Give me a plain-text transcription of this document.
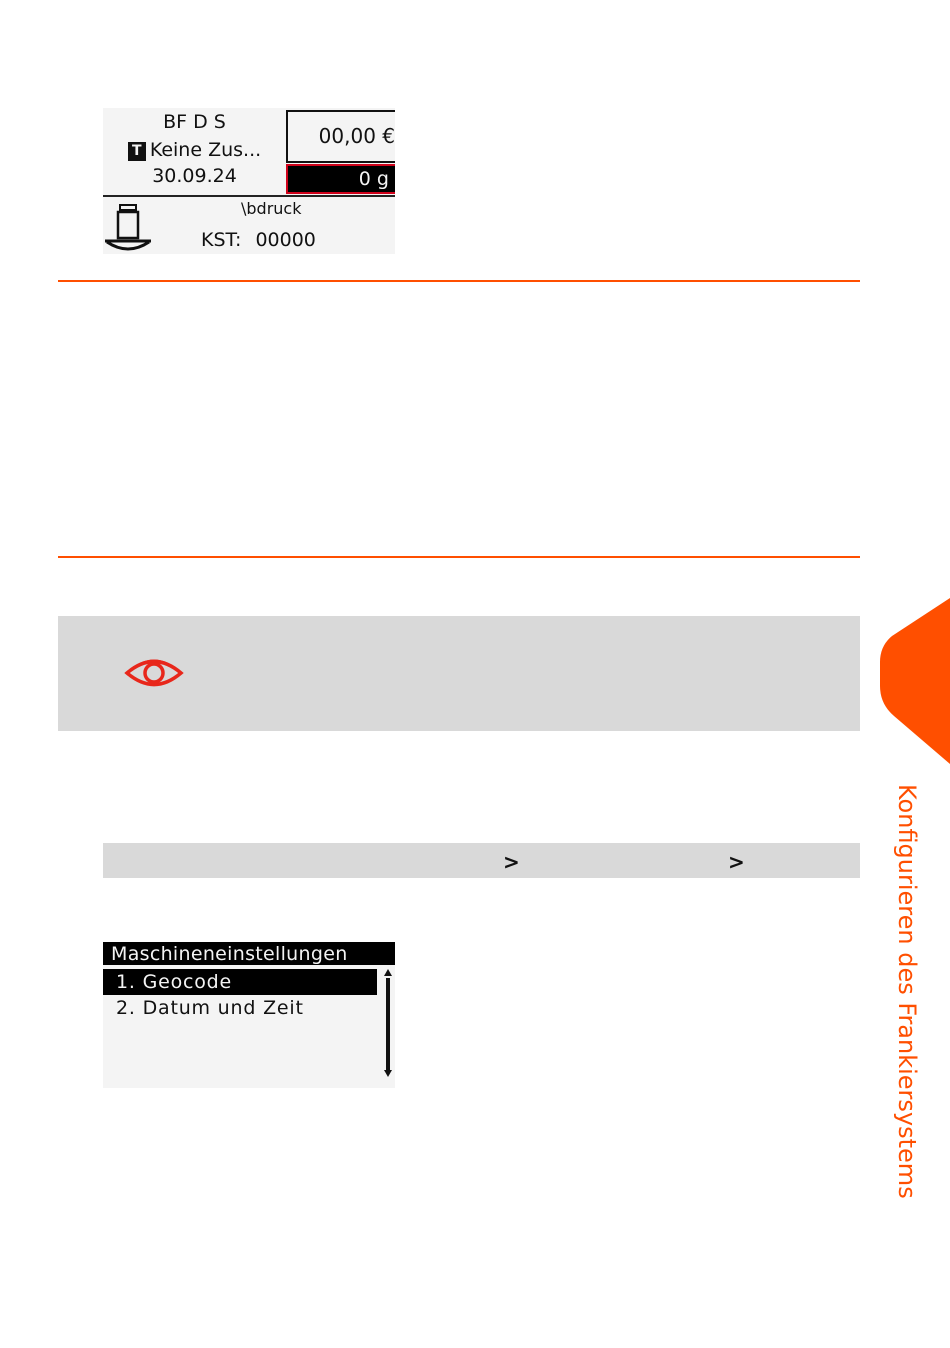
BF D S
T Keine Zus...
30.09.24
00,00 €
0 g
\bdruck
KST: 00000
>	>
Maschineneinstellungen
1. Geocode
2. Datum und Zeit	Konfigurieren des Frankiersystems
